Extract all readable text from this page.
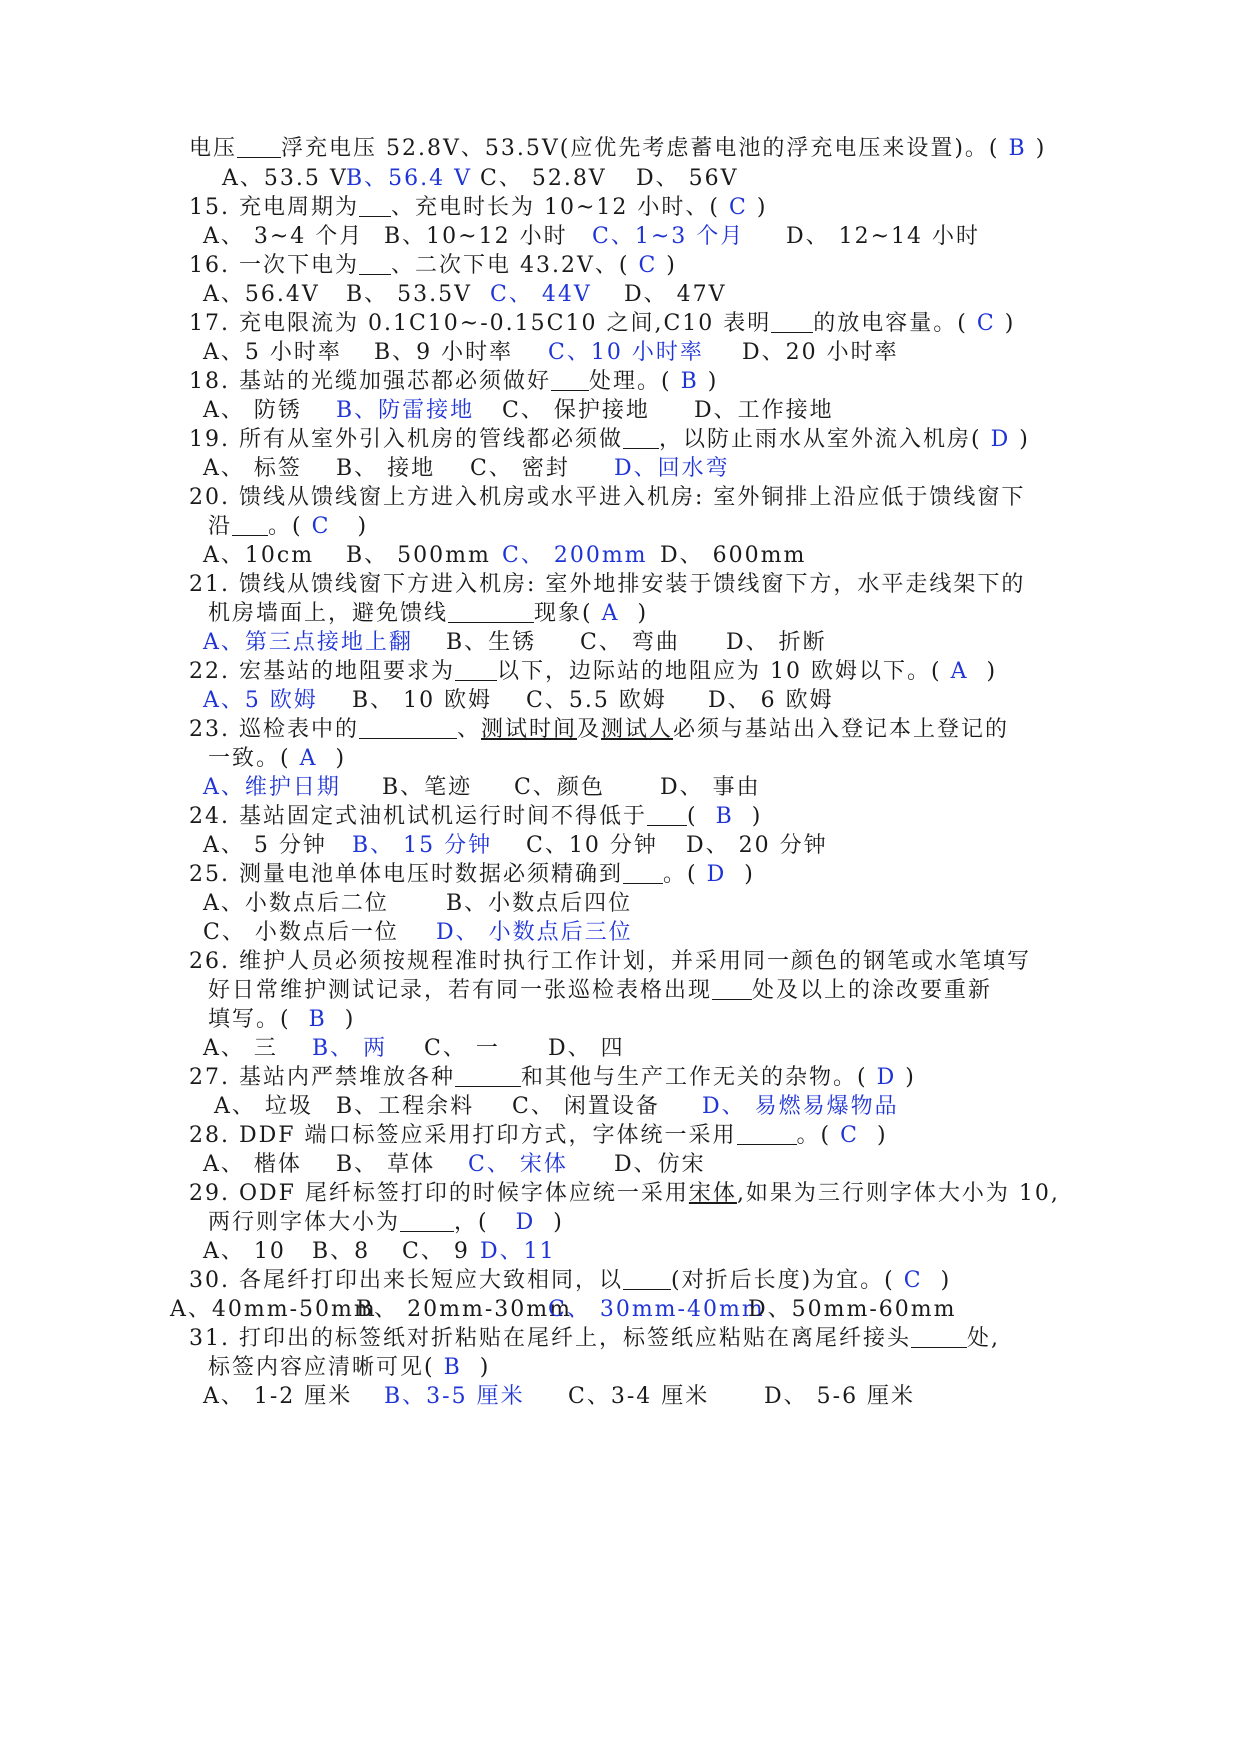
电压 浮充电压 52.8V、53.5V(应优先考虑蓄电池的浮充电压来设置)。( B )
A、53.5 V
B、56.4 V C、 52.8V D、 56V
15. 充电周期为 、充电时长为 10~12 小时、( C )
A、 3~4 个月 B、10~12 小时 C、1~3 个月 D、 12~14 小时
16. 一次下电为 、二次下电 43.2V、( C )
A、56.4V B、 53.5V C、 44V D、 47V
17. 充电限流为 0.1C10~-0.15C10 之间,C10 表明 的放电容量。( C )
A、5 小时率 B、9 小时率 C、10 小时率 D、20 小时率
18. 基站的光缆加强芯都必须做好 处理。( B )
A、 防锈 B、防雷接地 C、 保护接地 D、工作接地
19. 所有从室外引入机房的管线都必须做 ，以防止雨水从室外流入机房( D )
A、 标签 B、 接地 C、 密封 D、回水弯
20. 馈线从馈线窗上方进入机房或水平进入机房: 室外铜排上沿应低于馈线窗下
沿 。( C )
A、10cm B、 500mm C、 200mm D、 600mm
21. 馈线从馈线窗下方进入机房: 室外地排安装于馈线窗下方，水平走线架下的
机房墙面上，避免馈线	现象( A )
A、第三点接地上翻 B、生锈 C、 弯曲 D、 折断
22. 宏基站的地阻要求为 以下，边际站的地阻应为 10 欧姆以下。( A )
A、5 欧姆 B、 10 欧姆 C、5.5 欧姆 D、 6 欧姆
23. 巡检表中的	、测试时间及测试人必须与基站出入登记本上登记的
一致。( A )
A、维护日期 B、笔迹 C、颜色	D、 事由
24. 基站固定式油机试机运行时间不得低于 ( B )
A、 5 分钟 B、 15 分钟 C、10 分钟 D、 20 分钟
25. 测量电池单体电压时数据必须精确到 。( D )
A、小数点后二位	B、小数点后四位
C、 小数点后一位 D、 小数点后三位
26. 维护人员必须按规程准时执行工作计划，并采用同一颜色的钢笔或水笔填写
好日常维护测试记录，若有同一张巡检表格出现 处及以上的涂改要重新
填写。( B )
A、 三 B、 两 C、 一 D、 四
27. 基站内严禁堆放各种	和其他与生产工作无关的杂物。( D )
A、 垃圾 B、工程余料 C、 闲置设备 D、 易燃易爆物品
28. DDF 端口标签应采用打印方式，字体统一采用	。( C )
A、 楷体 B、 草体 C、 宋体 D、仿宋
29. ODF 尾纤标签打印的时候字体应统一采用宋体,如果为三行则字体大小为 10,
两行则字体大小为 ，( D )
A、 10 B、8 C、 9 D、11
30. 各尾纤打印出来长短应大致相同，以 (对折后长度)为宜。( C )
A、40mm-50mm
B、 20mm-30mm
C、 30mm-40mm
D、50mm-60mm
31. 打印出的标签纸对折粘贴在尾纤上，标签纸应粘贴在离尾纤接头	处,
标签内容应清晰可见( B )
A、 1-2 厘米 B、3-5 厘米 C、3-4 厘米 D、 5-6 厘米
